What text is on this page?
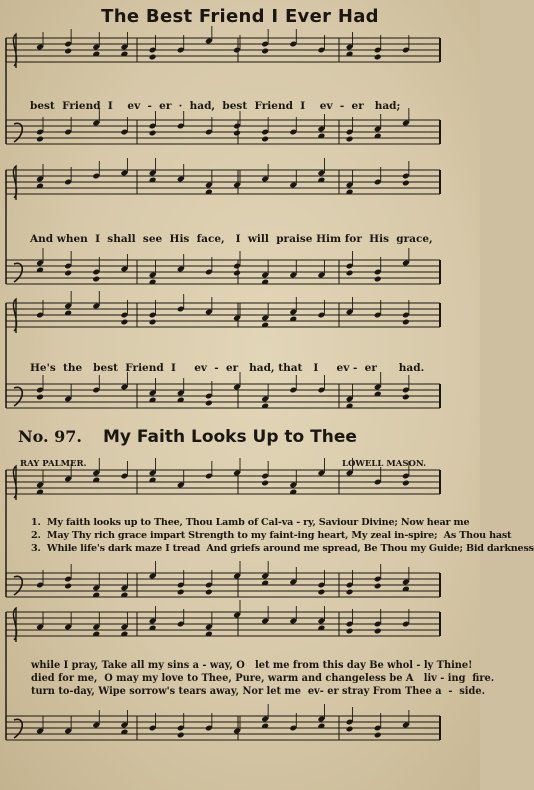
The Best Friend I Ever Had
best  Friend  I    ev  -  er  ·  had,  best  Friend  I    ev  -  er   had;
And when  I  shall  see  His  face,   I  will  praise Him for  His  grace,
He's  the   best  Friend  I     ev  -  er   had, that   I     ev -  er      had.
No. 97. My Faith Looks Up to Thee
RAY PALMER.	LOWELL MASON.
1.  My faith looks up to Thee, Thou Lamb of Cal-va - ry, Saviour Divine; Now hear me
2.  May Thy rich grace impart Strength to my faint-ing heart, My zeal in-spire;  As Thou hast
3.  While life's dark maze I tread  And griefs around me spread, Be Thou my Guide; Bid darkness
while I pray, Take all my sins a - way, O   let me from this day Be whol - ly Thine!
died for me,  O may my love to Thee, Pure, warm and changeless be A   liv - ing  fire.
turn to-day, Wipe sorrow's tears away, Nor let me  ev- er stray From Thee a  -  side.
